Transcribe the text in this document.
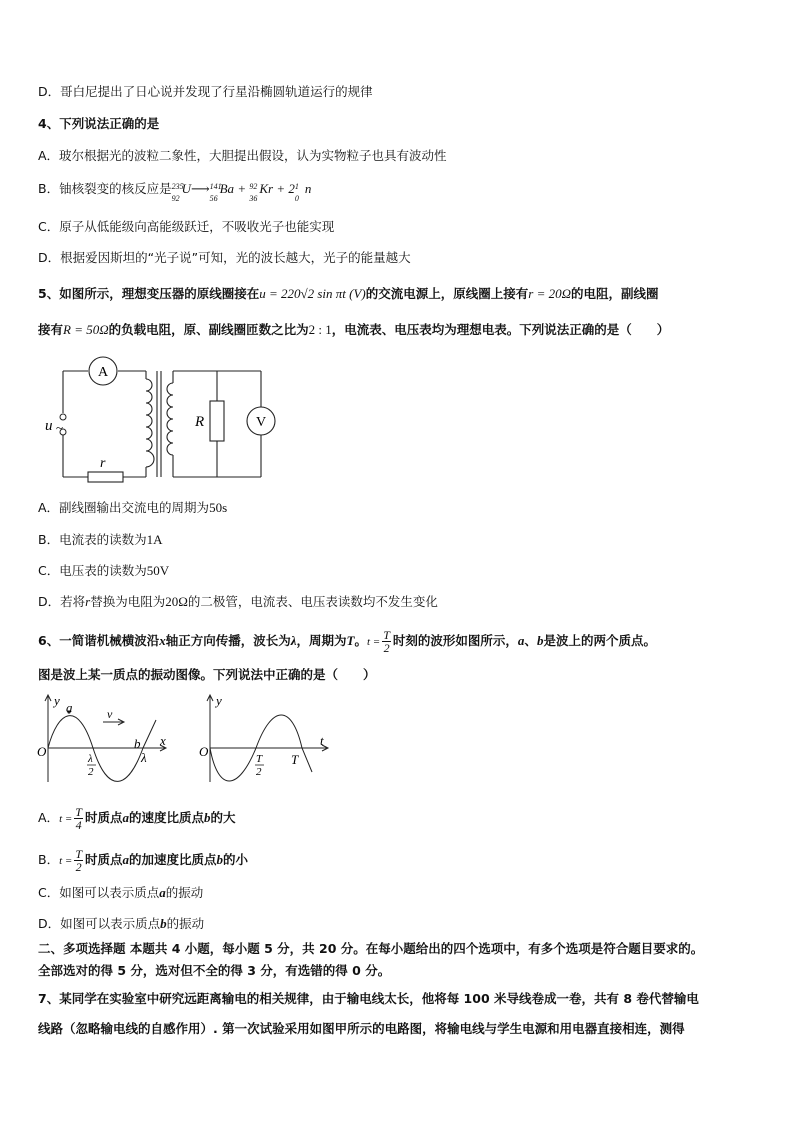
D．哥白尼提出了日心说并发现了行星沿椭圆轨道运行的规律
4、下列说法正确的是
A．玻尔根据光的波粒二象性，大胆提出假设，认为实物粒子也具有波动性
B．铀核裂变的核反应是 235
92
U⟶ 141
56
Ba + 92
36
Kr + 2 1
0
n
C．原子从低能级向高能级跃迁，不吸收光子也能实现
D．根据爱因斯坦的“光子说”可知，光的波长越大，光子的能量越大
5、如图所示，理想变压器的原线圈接在u = 220√2 sin πt (V)的交流电源上，原线圈上接有r = 20Ω的电阻，副线圈
接有R = 50Ω的负载电阻，原、副线圈匝数之比为2 : 1，电流表、电压表均为理想电表。下列说法正确的是（　　）
A
u ~
r
R	V
A．副线圈输出交流电的周期为50s
B．电流表的读数为1A
C．电压表的读数为50V
D．若将r替换为电阻为20Ω的二极管，电流表、电压表读数均不发生变化
6、一简谐机械横波沿x轴正方向传播，波长为λ，周期为T。$t = \frac{T}{2}$ 时刻的波形如图所示，a、b是波上的两个质点。
图是波上某一质点的振动图像。下列说法中正确的是（　　）
y a	v
O
b x
λ
λ
2
y
O
t
T
2
T
A．$t = \frac{T}{4}$ 时质点a的速度比质点b的大
B．$t = \frac{T}{2}$ 时质点a的加速度比质点b的小
C．如图可以表示质点a的振动
D．如图可以表示质点b的振动
二、多项选择题 本题共 4 小题，每小题 5 分，共 20 分。在每小题给出的四个选项中，有多个选项是符合题目要求的。
全部选对的得 5 分，选对但不全的得 3 分，有选错的得 0 分。
7、某同学在实验室中研究远距离输电的相关规律，由于输电线太长，他将每 100 米导线卷成一卷，共有 8 卷代替输电
线路（忽略输电线的自感作用）. 第一次试验采用如图甲所示的电路图，将输电线与学生电源和用电器直接相连，测得
